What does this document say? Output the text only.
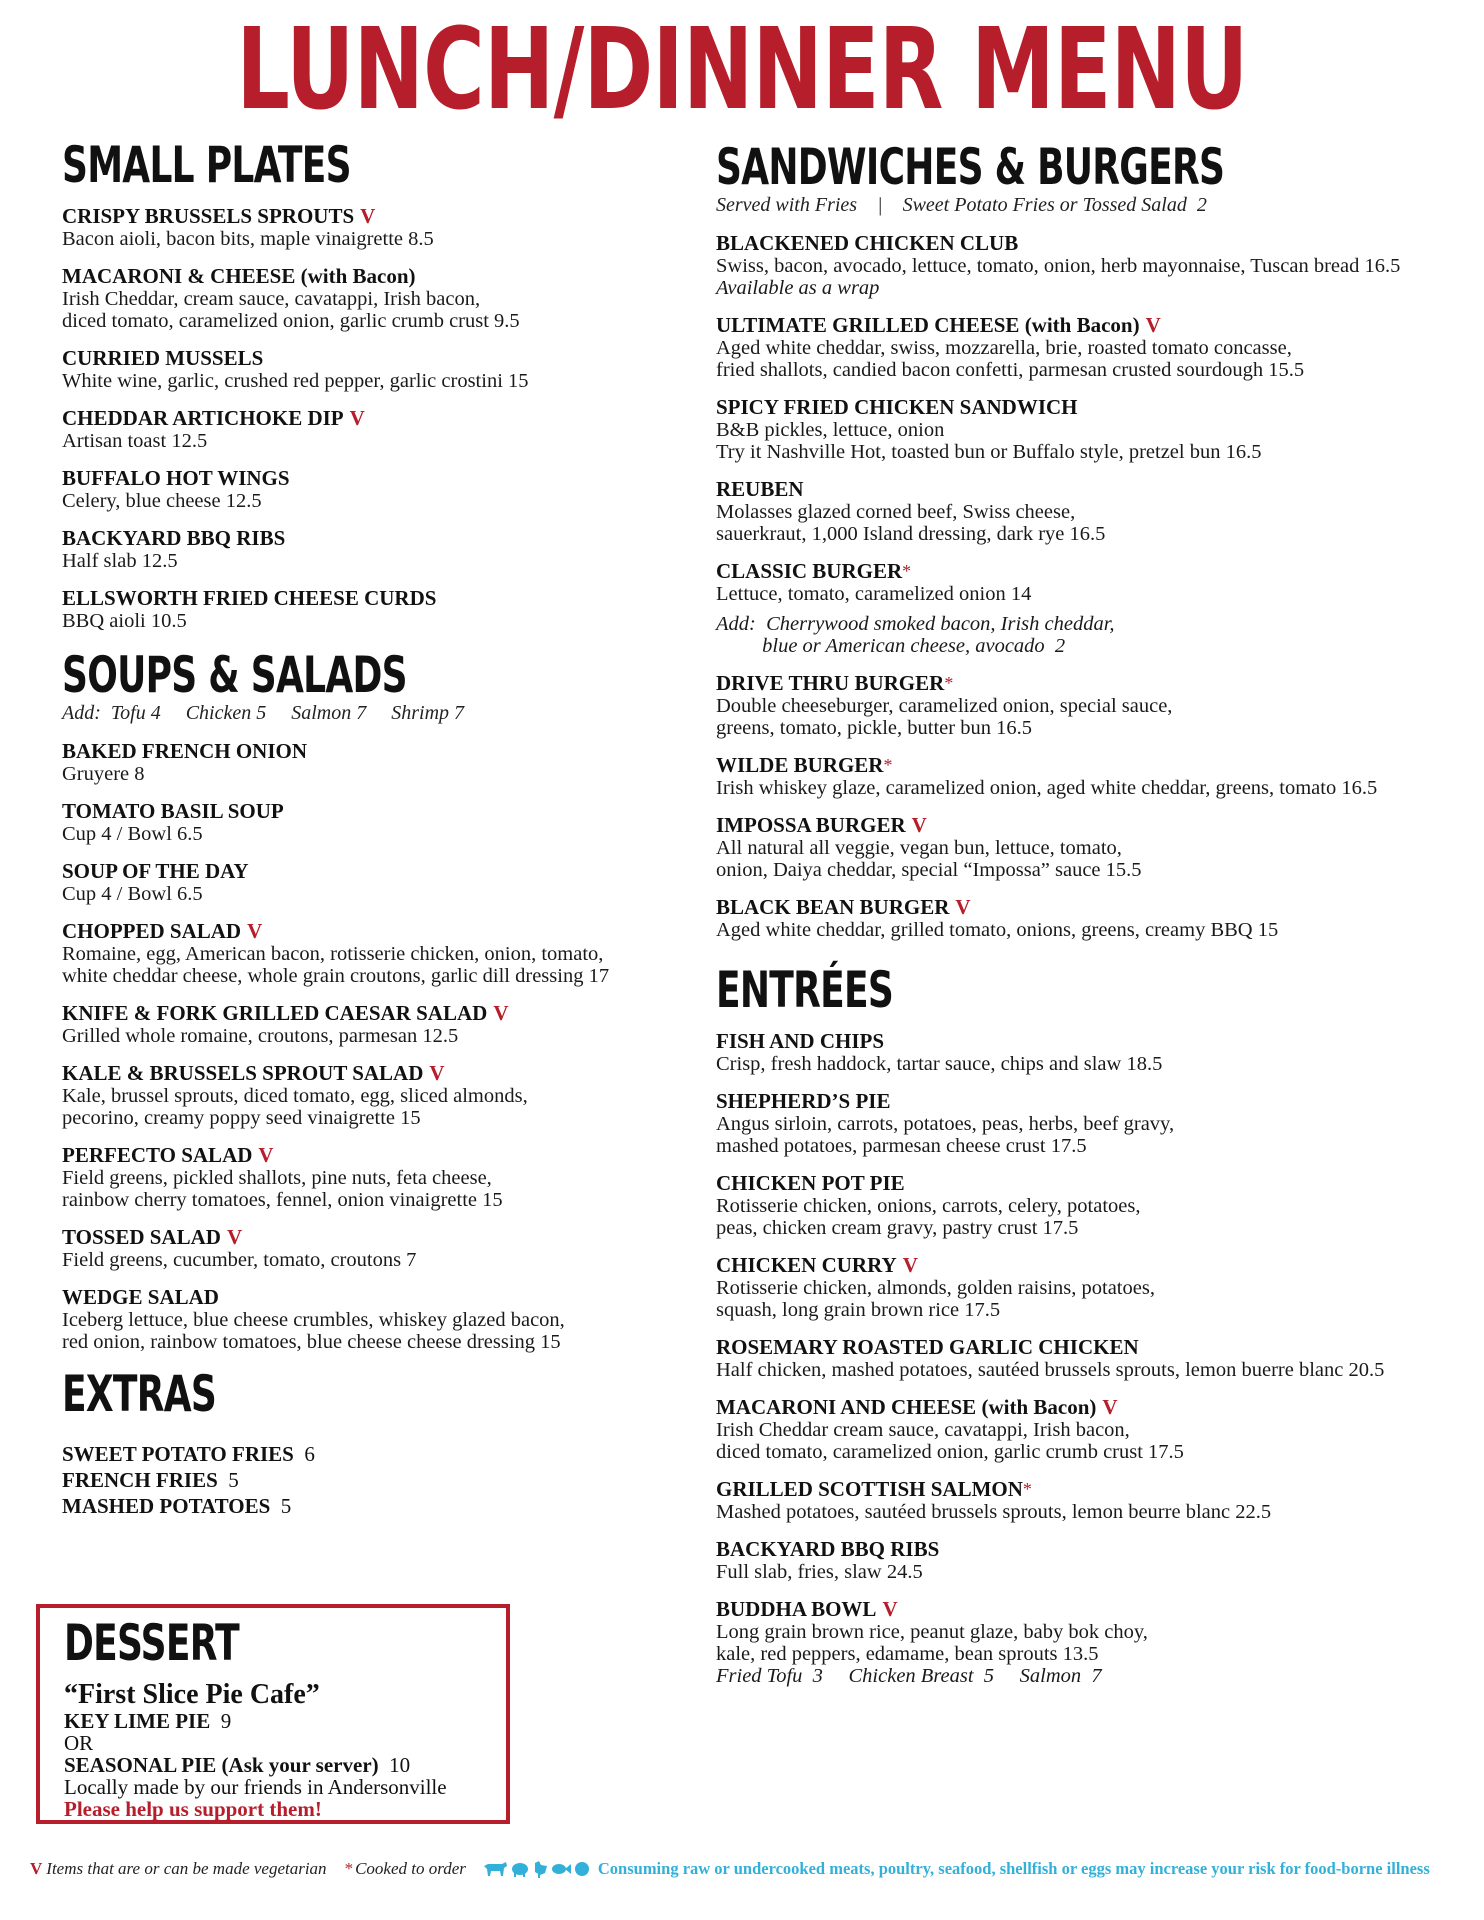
LUNCH/DINNER MENU
SMALL PLATES
CRISPY BRUSSELS SPROUTS V
Bacon aioli, bacon bits, maple vinaigrette 8.5
MACARONI & CHEESE (with Bacon)
Irish Cheddar, cream sauce, cavatappi, Irish bacon,
diced tomato, caramelized onion, garlic crumb crust 9.5
CURRIED MUSSELS
White wine, garlic, crushed red pepper, garlic crostini 15
CHEDDAR ARTICHOKE DIP V
Artisan toast 12.5
BUFFALO HOT WINGS
Celery, blue cheese 12.5
BACKYARD BBQ RIBS
Half slab 12.5
ELLSWORTH FRIED CHEESE CURDS
BBQ aioli 10.5
SOUPS & SALADS
Add:  Tofu 4     Chicken 5     Salmon 7     Shrimp 7
BAKED FRENCH ONION
Gruyere 8
TOMATO BASIL SOUP
Cup 4 / Bowl 6.5
SOUP OF THE DAY
Cup 4 / Bowl 6.5
CHOPPED SALAD V
Romaine, egg, American bacon, rotisserie chicken, onion, tomato,
white cheddar cheese, whole grain croutons, garlic dill dressing 17
KNIFE & FORK GRILLED CAESAR SALAD V
Grilled whole romaine, croutons, parmesan 12.5
KALE & BRUSSELS SPROUT SALAD V
Kale, brussel sprouts, diced tomato, egg, sliced almonds,
pecorino, creamy poppy seed vinaigrette 15
PERFECTO SALAD V
Field greens, pickled shallots, pine nuts, feta cheese,
rainbow cherry tomatoes, fennel, onion vinaigrette 15
TOSSED SALAD V
Field greens, cucumber, tomato, croutons 7
WEDGE SALAD
Iceberg lettuce, blue cheese crumbles, whiskey glazed bacon,
red onion, rainbow tomatoes, blue cheese cheese dressing 15
EXTRAS
SWEET POTATO FRIES 6
FRENCH FRIES 5
MASHED POTATOES 5
DESSERT
“First Slice Pie Cafe”
KEY LIME PIE 9
OR
SEASONAL PIE (Ask your server) 10
Locally made by our friends in Andersonville
Please help us support them!
SANDWICHES & BURGERS
Served with Fries    |    Sweet Potato Fries or Tossed Salad  2
BLACKENED CHICKEN CLUB
Swiss, bacon, avocado, lettuce, tomato, onion, herb mayonnaise, Tuscan bread 16.5
Available as a wrap
ULTIMATE GRILLED CHEESE (with Bacon) V
Aged white cheddar, swiss, mozzarella, brie, roasted tomato concasse,
fried shallots, candied bacon confetti, parmesan crusted sourdough 15.5
SPICY FRIED CHICKEN SANDWICH
B&B pickles, lettuce, onion
Try it Nashville Hot, toasted bun or Buffalo style, pretzel bun 16.5
REUBEN
Molasses glazed corned beef, Swiss cheese,
sauerkraut, 1,000 Island dressing, dark rye 16.5
CLASSIC BURGER*
Lettuce, tomato, caramelized onion 14
Add:  Cherrywood smoked bacon, Irish cheddar,
blue or American cheese, avocado  2
DRIVE THRU BURGER*
Double cheeseburger, caramelized onion, special sauce,
greens, tomato, pickle, butter bun 16.5
WILDE BURGER*
Irish whiskey glaze, caramelized onion, aged white cheddar, greens, tomato 16.5
IMPOSSA BURGER V
All natural all veggie, vegan bun, lettuce, tomato,
onion, Daiya cheddar, special “Impossa” sauce 15.5
BLACK BEAN BURGER V
Aged white cheddar, grilled tomato, onions, greens, creamy BBQ 15
ENTRÉES
FISH AND CHIPS
Crisp, fresh haddock, tartar sauce, chips and slaw 18.5
SHEPHERD’S PIE
Angus sirloin, carrots, potatoes, peas, herbs, beef gravy,
mashed potatoes, parmesan cheese crust 17.5
CHICKEN POT PIE
Rotisserie chicken, onions, carrots, celery, potatoes,
peas, chicken cream gravy, pastry crust 17.5
CHICKEN CURRY V
Rotisserie chicken, almonds, golden raisins, potatoes,
squash, long grain brown rice 17.5
ROSEMARY ROASTED GARLIC CHICKEN
Half chicken, mashed potatoes, sautéed brussels sprouts, lemon buerre blanc 20.5
MACARONI AND CHEESE (with Bacon) V
Irish Cheddar cream sauce, cavatappi, Irish bacon,
diced tomato, caramelized onion, garlic crumb crust 17.5
GRILLED SCOTTISH SALMON*
Mashed potatoes, sautéed brussels sprouts, lemon beurre blanc 22.5
BACKYARD BBQ RIBS
Full slab, fries, slaw 24.5
BUDDHA BOWL V
Long grain brown rice, peanut glaze, baby bok choy,
kale, red peppers, edamame, bean sprouts 13.5
Fried Tofu  3     Chicken Breast  5     Salmon  7
V Items that are or can be made vegetarian * Cooked to order	Consuming raw or undercooked meats, poultry, seafood, shellfish or eggs may increase your risk for food-borne illness
